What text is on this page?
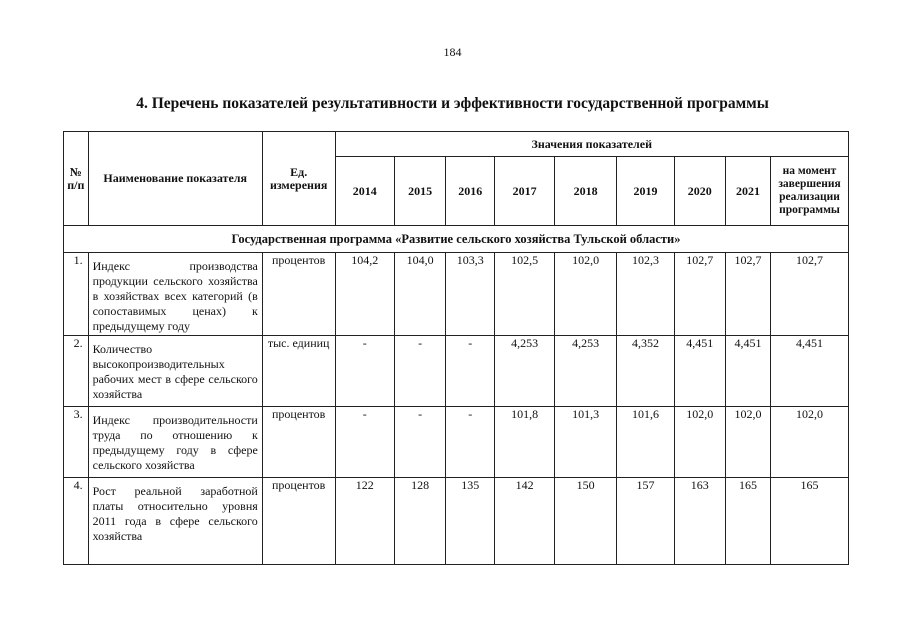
184
4. Перечень показателей результативности и эффективности государственной программы
№ п/п	Наименование показателя	Ед. измерения	Значения показателей								
			2014	2015	2016	2017	2018	2019	2020	2021	на момент завершения реализации программы
Государственная программа «Развитие сельского хозяйства Тульской области»											
1.	Индекс производства продукции сельского хозяйства в хозяйствах всех категорий (в сопоставимых ценах) к предыдущему году	процентов	104,2	104,0	103,3	102,5	102,0	102,3	102,7	102,7	102,7
2.	Количество высокопроизводительных рабочих мест в сфере сельского хозяйства	тыс. единиц	-	-	-	4,253	4,253	4,352	4,451	4,451	4,451
3.	Индекс производительности труда по отношению к предыдущему году в сфере сельского хозяйства	процентов	-	-	-	101,8	101,3	101,6	102,0	102,0	102,0
4.	Рост реальной заработной платы относительно уровня 2011 года в сфере сельского хозяйства	процентов	122	128	135	142	150	157	163	165	165
